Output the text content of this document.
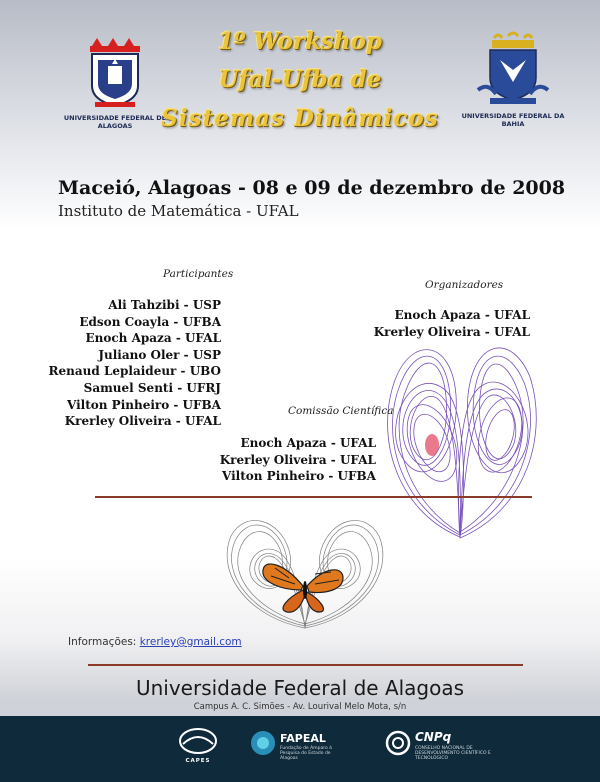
UNIVERSIDADE FEDERAL DE ALAGOAS
1º Workshop
Ufal-Ufba de
Sistemas Dinâmicos	UNIVERSIDADE FEDERAL DA BAHIA
Maceió, Alagoas - 08 e 09 de dezembro de 2008
Instituto de Matemática - UFAL
Participantes
Ali Tahzibi - USP
Edson Coayla - UFBA
Enoch Apaza - UFAL
Juliano Oler - USP
Renaud Leplaideur - UBO
Samuel Senti - UFRJ
Vilton Pinheiro - UFBA
Krerley Oliveira - UFAL
Organizadores
Enoch Apaza - UFAL
Krerley Oliveira - UFAL
Comissão Científica
Enoch Apaza - UFAL
Krerley Oliveira - UFAL
Vilton Pinheiro - UFBA
Informações: krerley@gmail.com
Universidade Federal de Alagoas
Campus A. C. Simões - Av. Lourival Melo Mota, s/n
CAPES
FAPEAL
Fundação de Amparo à Pesquisa do Estado de Alagoas
CNPq
CONSELHO NACIONAL DE DESENVOLVIMENTO CIENTÍFICO E TECNOLÓGICO
